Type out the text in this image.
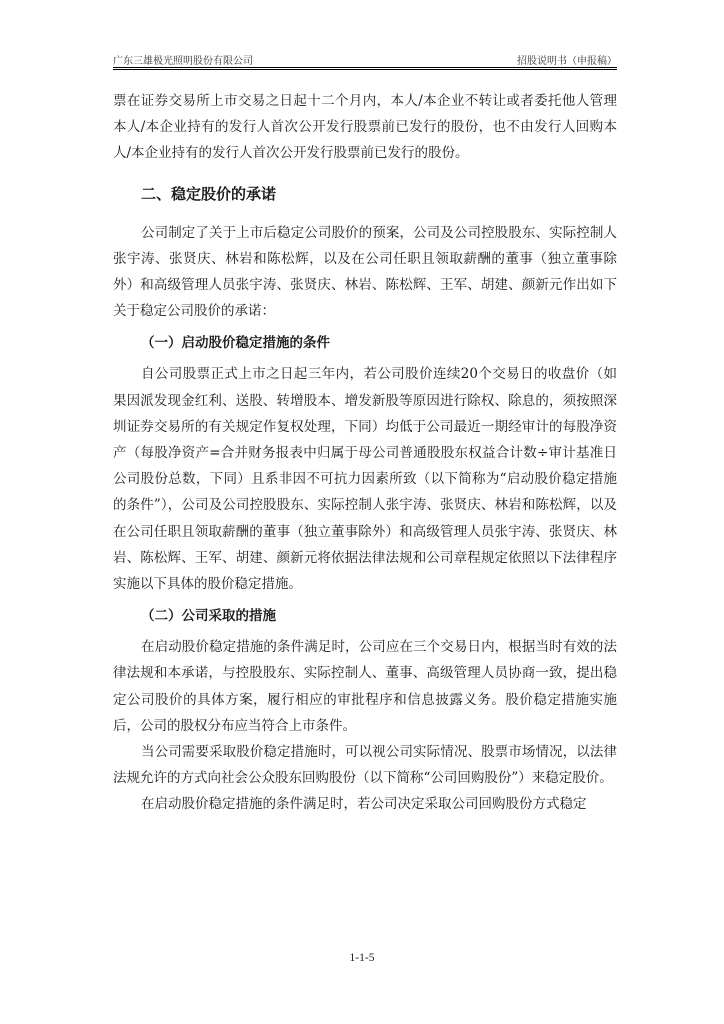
广东三雄极光照明股份有限公司	招股说明书（申报稿）

票在证券交易所上市交易之日起十二个月内，本人/本企业不转让或者委托他人管理本人/本企业持有的发行人首次公开发行股票前已发行的股份，也不由发行人回购本人/本企业持有的发行人首次公开发行股票前已发行的股份。

二、稳定股价的承诺

公司制定了关于上市后稳定公司股价的预案，公司及公司控股股东、实际控制人张宇涛、张贤庆、林岩和陈松辉，以及在公司任职且领取薪酬的董事（独立董事除外）和高级管理人员张宇涛、张贤庆、林岩、陈松辉、王军、胡建、颜新元作出如下关于稳定公司股价的承诺：

（一）启动股价稳定措施的条件

自公司股票正式上市之日起三年内，若公司股价连续20个交易日的收盘价（如果因派发现金红利、送股、转增股本、增发新股等原因进行除权、除息的，须按照深圳证券交易所的有关规定作复权处理，下同）均低于公司最近一期经审计的每股净资产（每股净资产=合并财务报表中归属于母公司普通股股东权益合计数÷审计基准日公司股份总数，下同）且系非因不可抗力因素所致（以下简称为“启动股价稳定措施的条件”），公司及公司控股股东、实际控制人张宇涛、张贤庆、林岩和陈松辉，以及在公司任职且领取薪酬的董事（独立董事除外）和高级管理人员张宇涛、张贤庆、林岩、陈松辉、王军、胡建、颜新元将依据法律法规和公司章程规定依照以下法律程序实施以下具体的股价稳定措施。

（二）公司采取的措施

在启动股价稳定措施的条件满足时，公司应在三个交易日内，根据当时有效的法律法规和本承诺，与控股股东、实际控制人、董事、高级管理人员协商一致，提出稳定公司股价的具体方案，履行相应的审批程序和信息披露义务。股价稳定措施实施后，公司的股权分布应当符合上市条件。

当公司需要采取股价稳定措施时，可以视公司实际情况、股票市场情况，以法律法规允许的方式向社会公众股东回购股份（以下简称“公司回购股份”）来稳定股价。

在启动股价稳定措施的条件满足时，若公司决定采取公司回购股份方式稳定

1-1-5
